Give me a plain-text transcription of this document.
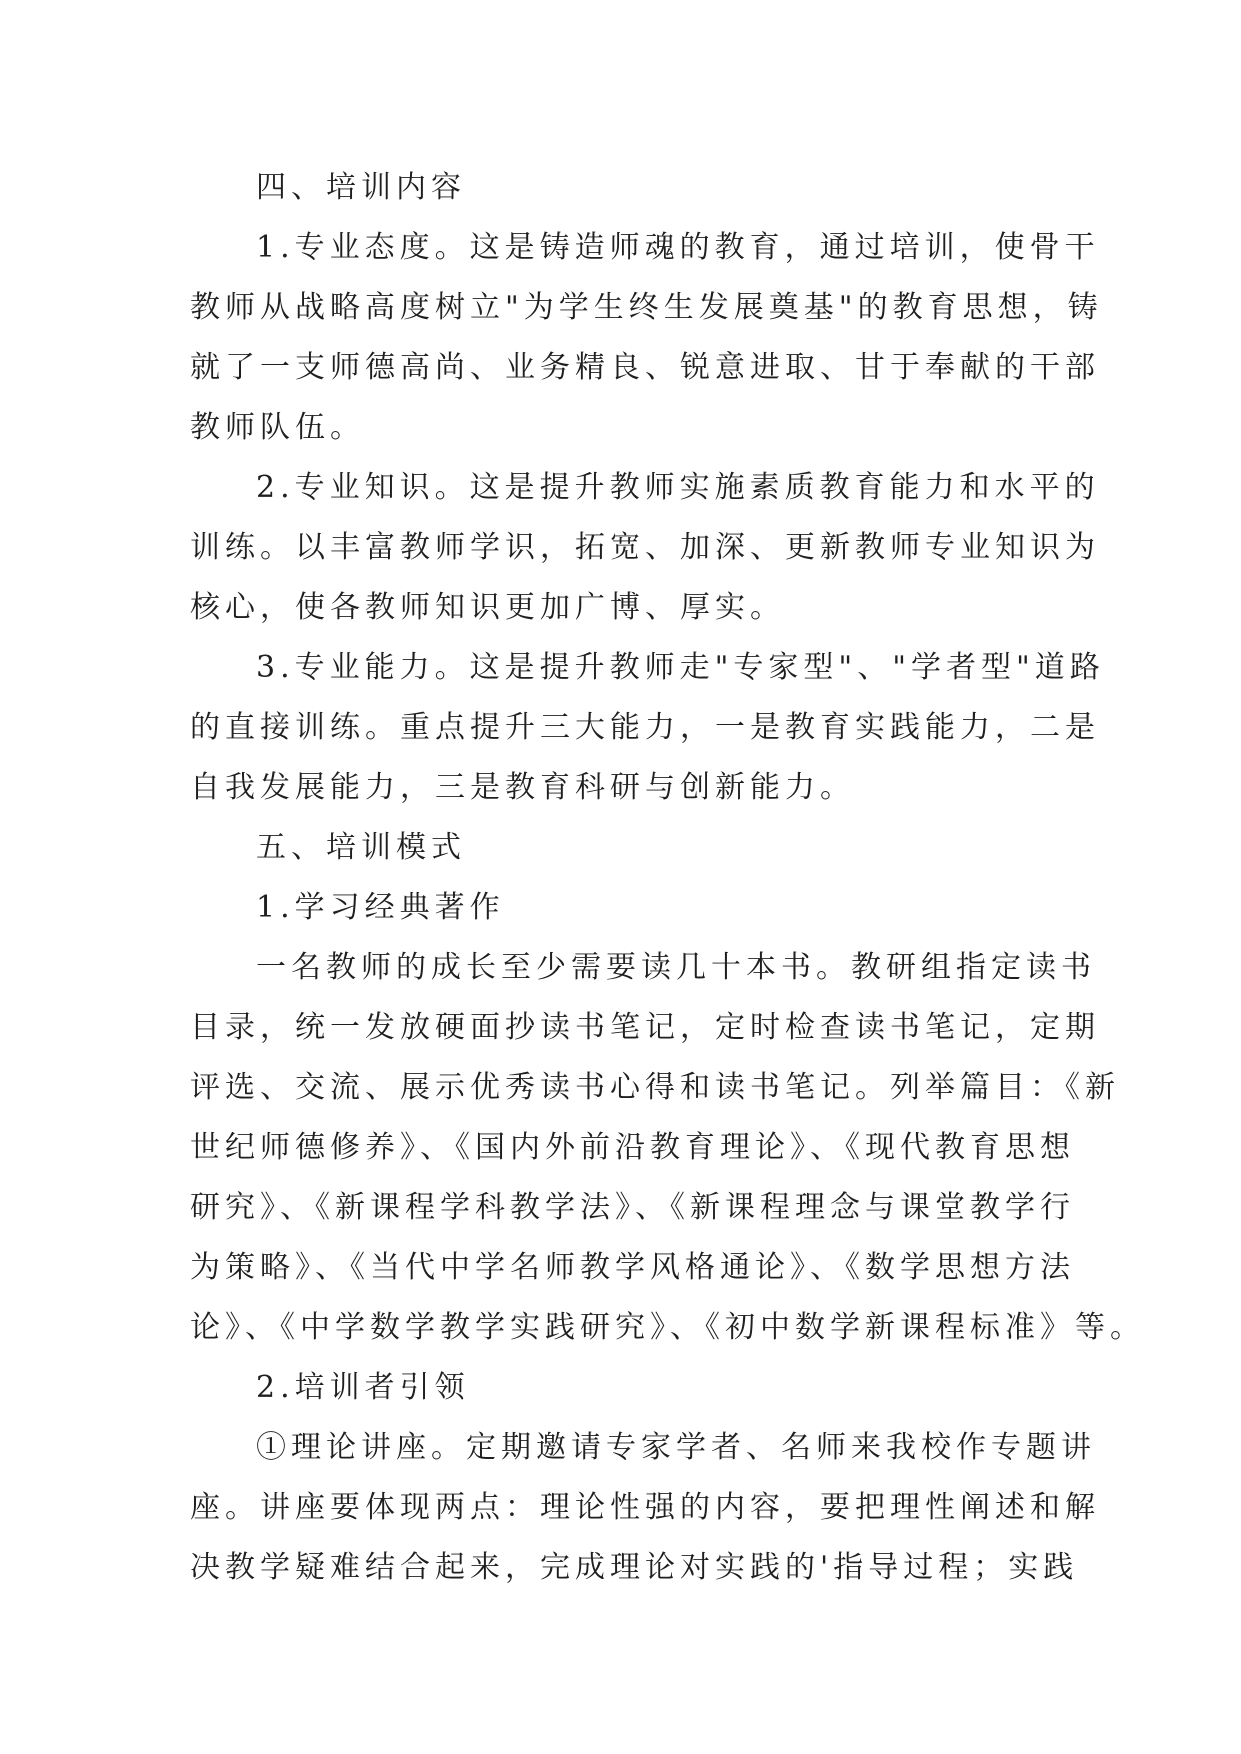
四、培训内容
1.专业态度。这是铸造师魂的教育，通过培训，使骨干
教师从战略高度树立"为学生终生发展奠基"的教育思想，铸
就了一支师德高尚、业务精良、锐意进取、甘于奉献的干部
教师队伍。
2.专业知识。这是提升教师实施素质教育能力和水平的
训练。以丰富教师学识，拓宽、加深、更新教师专业知识为
核心，使各教师知识更加广博、厚实。
3.专业能力。这是提升教师走"专家型"、"学者型"道路
的直接训练。重点提升三大能力，一是教育实践能力，二是
自我发展能力，三是教育科研与创新能力。
五、培训模式
1.学习经典著作
一名教师的成长至少需要读几十本书。教研组指定读书
目录，统一发放硬面抄读书笔记，定时检查读书笔记，定期
评选、交流、展示优秀读书心得和读书笔记。列举篇目：《新
世纪师德修养》、《国内外前沿教育理论》、《现代教育思想
研究》、《新课程学科教学法》、《新课程理念与课堂教学行
为策略》、《当代中学名师教学风格通论》、《数学思想方法
论》、《中学数学教学实践研究》、《初中数学新课程标准》等。
2.培训者引领
①理论讲座。定期邀请专家学者、名师来我校作专题讲
座。讲座要体现两点：理论性强的内容，要把理性阐述和解
决教学疑难结合起来，完成理论对实践的'指导过程；实践
